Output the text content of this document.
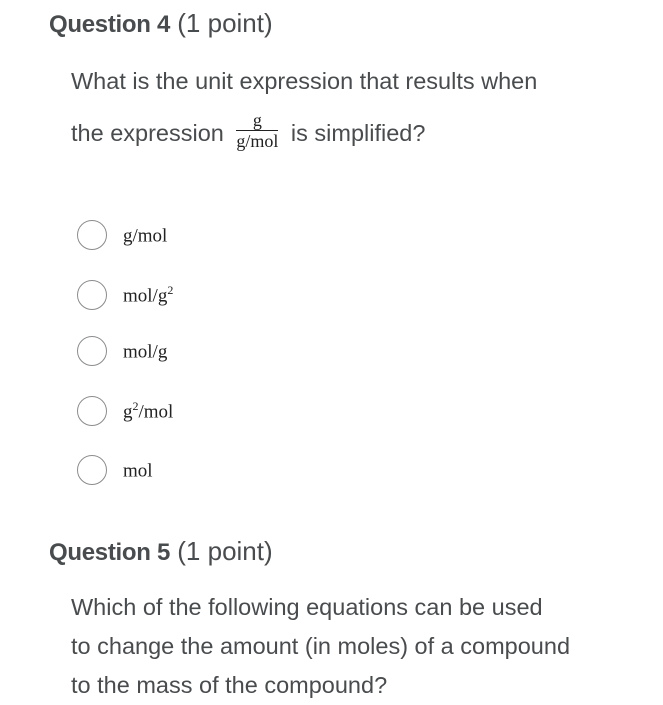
Question 4 (1 point)
What is the unit expression that results when
the expression $\frac{g}{\text{g/mol}}$ is simplified?
g/mol
mol/$g^2$
mol/g
$g^2$/mol
mol
Question 5 (1 point)
Which of the following equations can be used
to change the amount (in moles) of a compound
to the mass of the compound?
